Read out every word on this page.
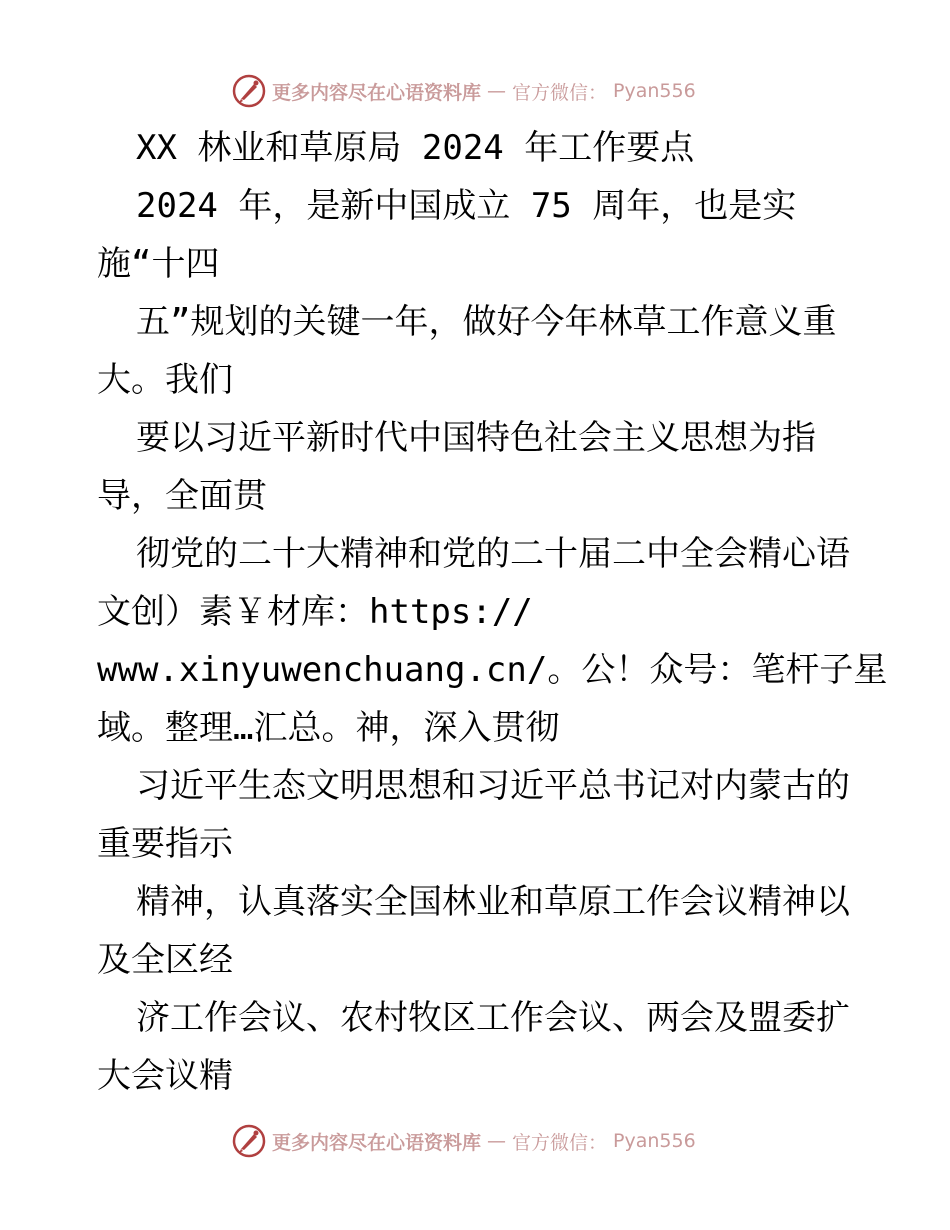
更多内容尽在心语资料库 — 官方微信： Pyan556
XX 林业和草原局 2024 年工作要点
2024 年，是新中国成立 75 周年，也是实
施“十四
五”规划的关键一年，做好今年林草工作意义重
大。我们
要以习近平新时代中国特色社会主义思想为指
导，全面贯
彻党的二十大精神和党的二十届二中全会精心语
文创）素￥材库：https://
www.xinyuwenchuang.cn/。公！众号：笔杆子星
域。整理…汇总。神，深入贯彻
习近平生态文明思想和习近平总书记对内蒙古的
重要指示
精神，认真落实全国林业和草原工作会议精神以
及全区经
济工作会议、农村牧区工作会议、两会及盟委扩
大会议精
更多内容尽在心语资料库 — 官方微信： Pyan556
